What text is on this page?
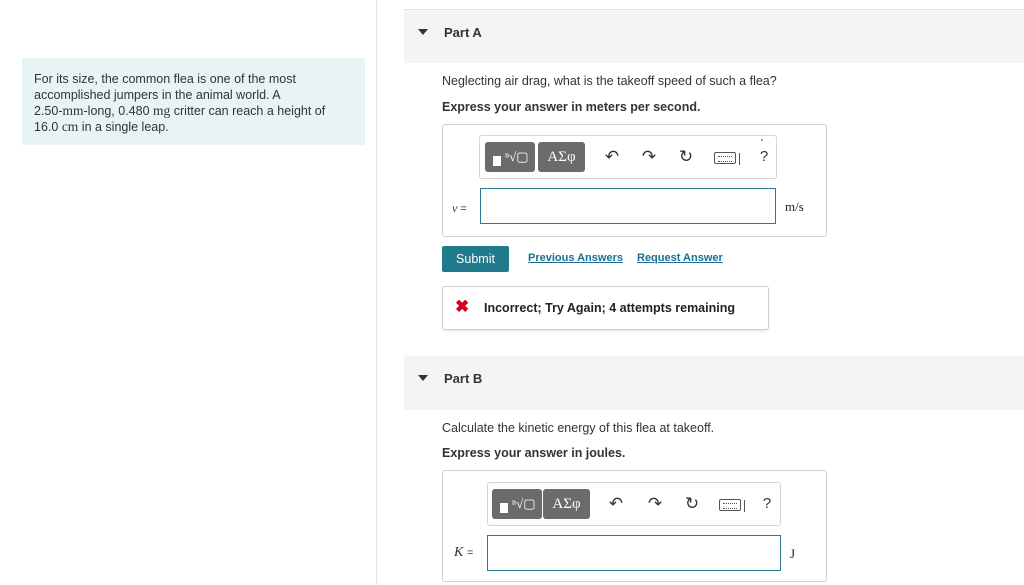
For its size, the common flea is one of the most
accomplished jumpers in the animal world. A
2.50-mm-long, 0.480 mg critter can reach a height of
16.0 cm in a single leap.
Part A
Neglecting air drag, what is the takeoff speed of such a flea?
Express your answer in meters per second.
ⁿ√▢	ΑΣφ	↶ ↷ ↻	?
v =	m/s
Submit	Previous Answers Request Answer
✖ Incorrect; Try Again; 4 attempts remaining
Part B
Calculate the kinetic energy of this flea at takeoff.
Express your answer in joules.
ⁿ√▢	ΑΣφ	↶ ↷ ↻	?
K =	J
